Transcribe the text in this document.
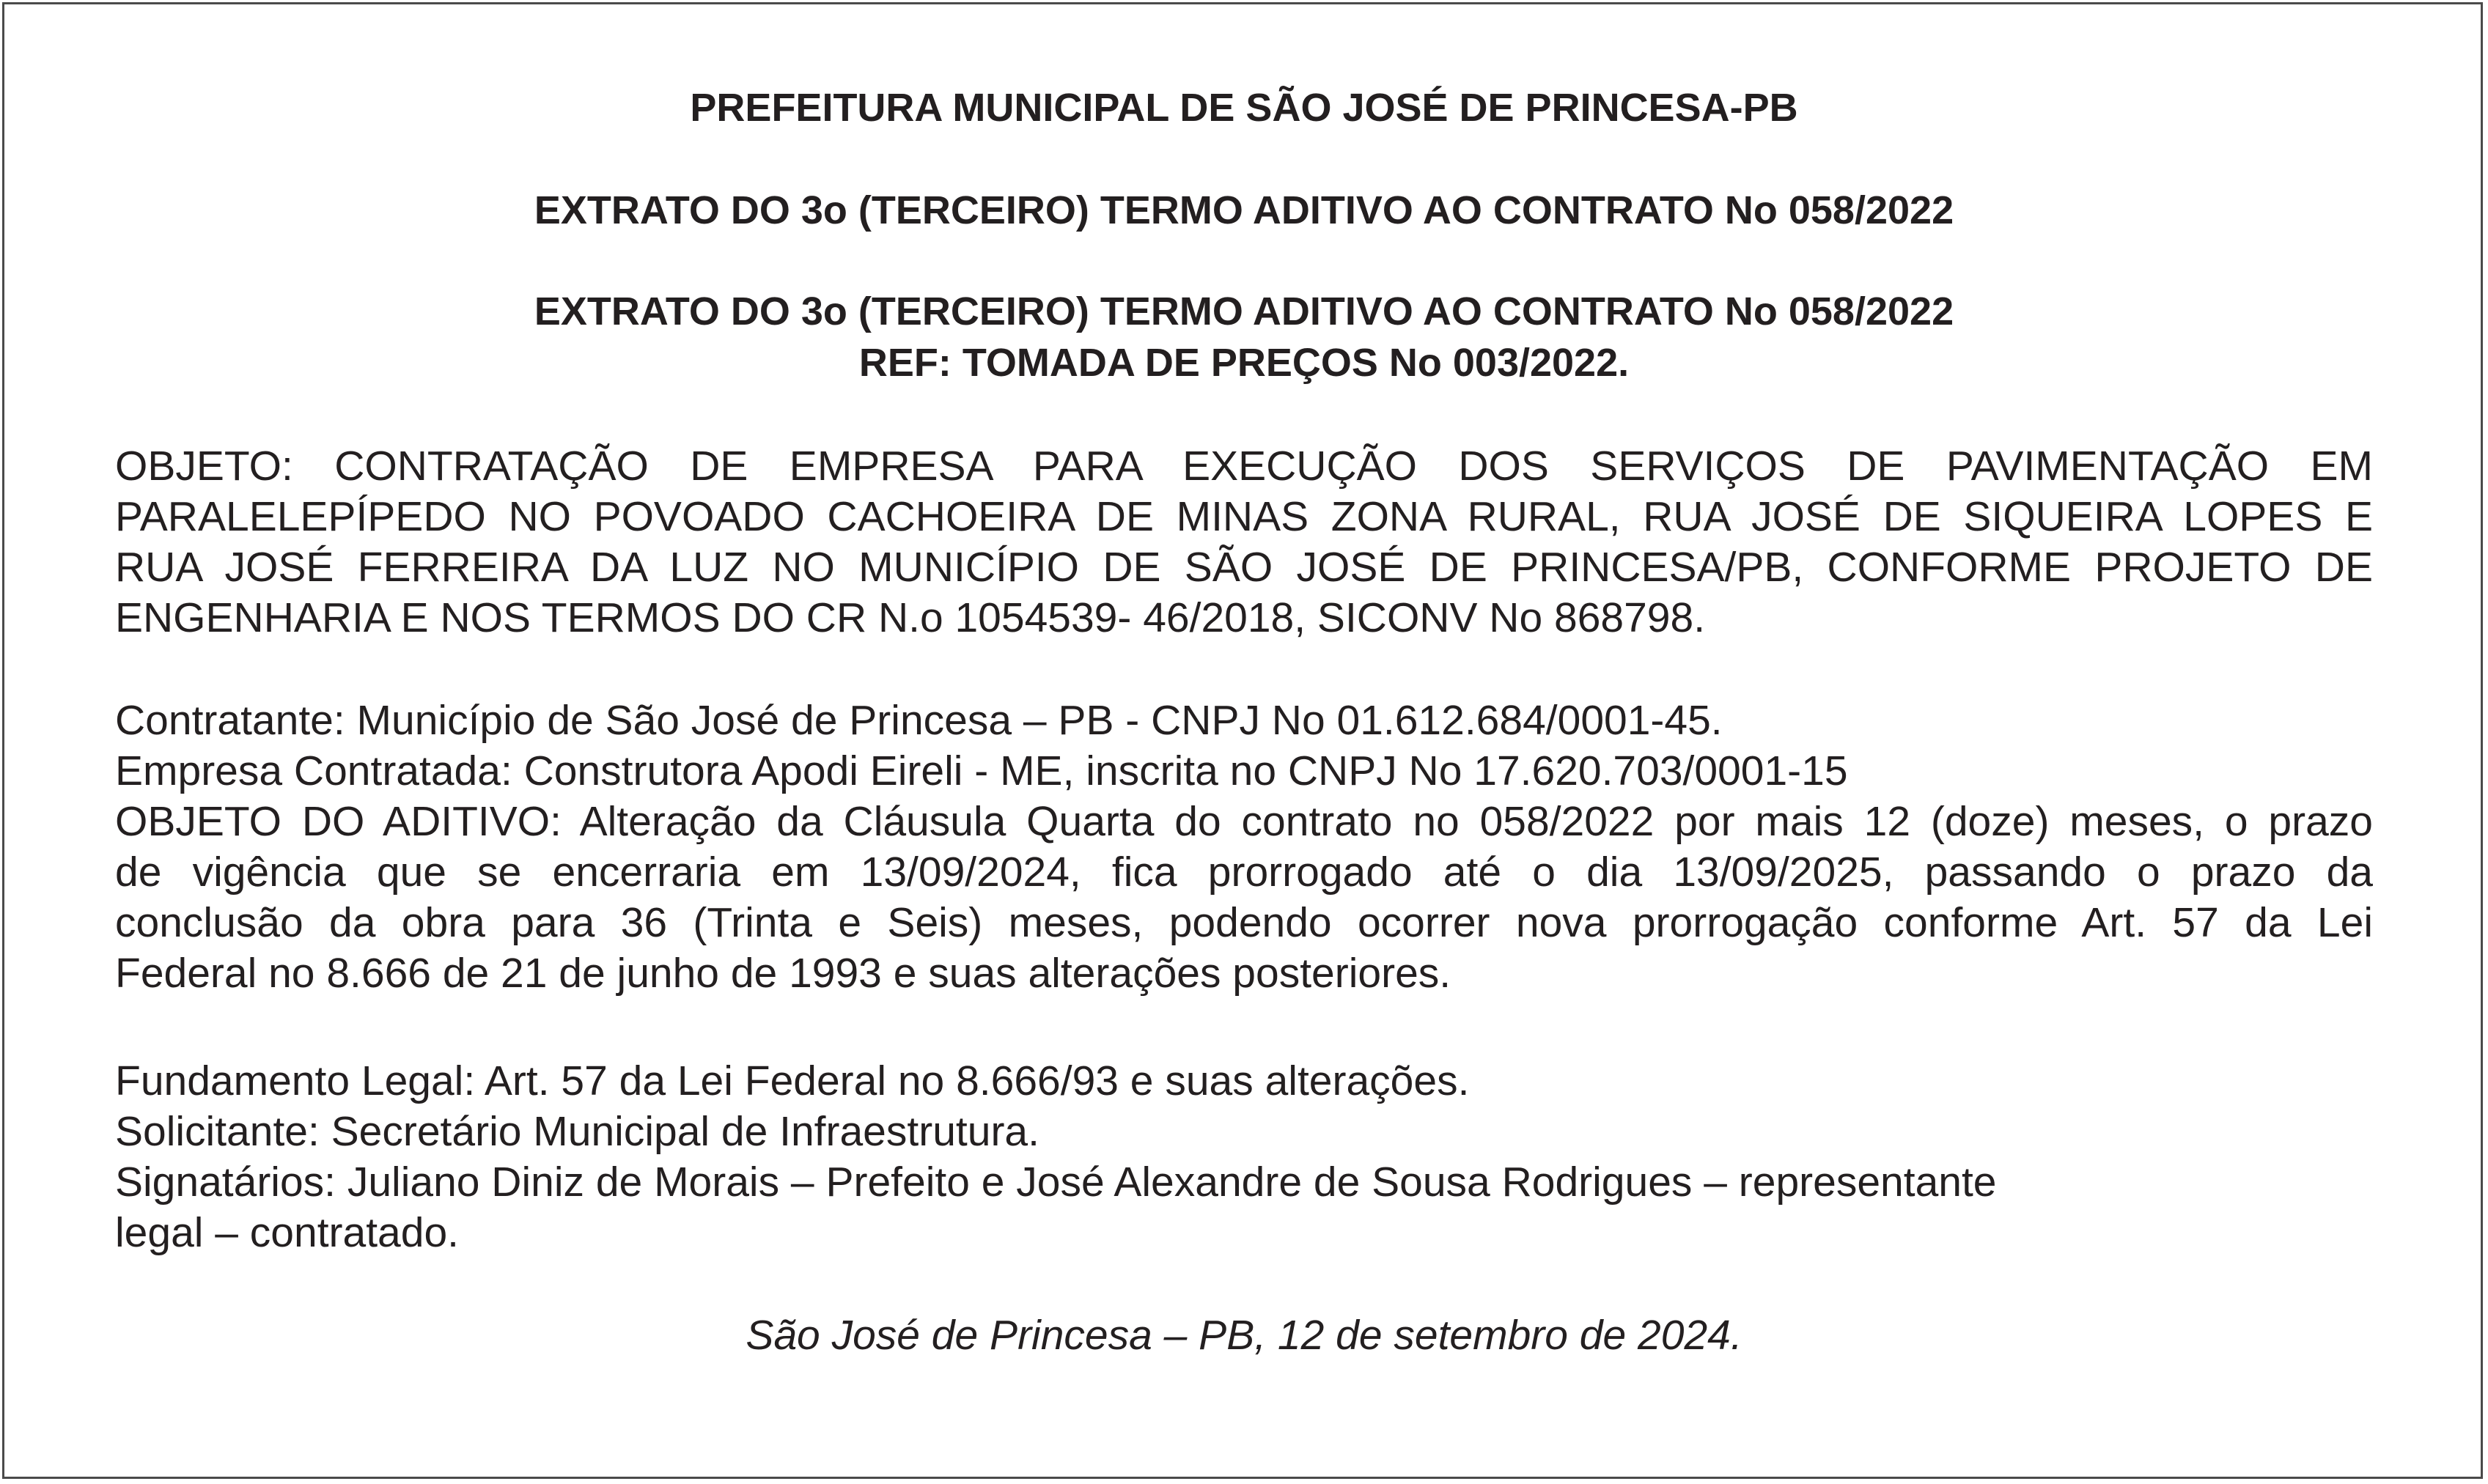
PREFEITURA MUNICIPAL DE SÃO JOSÉ DE PRINCESA-PB

EXTRATO DO 3o (TERCEIRO) TERMO ADITIVO AO CONTRATO No 058/2022

EXTRATO DO 3o (TERCEIRO) TERMO ADITIVO AO CONTRATO No 058/2022

REF: TOMADA DE PREÇOS No 003/2022.

OBJETO: CONTRATAÇÃO DE EMPRESA PARA EXECUÇÃO DOS SERVIÇOS DE PAVIMENTAÇÃO EM
PARALELEPÍPEDO NO POVOADO CACHOEIRA DE MINAS ZONA RURAL, RUA JOSÉ DE SIQUEIRA LOPES E
RUA JOSÉ FERREIRA DA LUZ NO MUNICÍPIO DE SÃO JOSÉ DE PRINCESA/PB, CONFORME PROJETO DE
ENGENHARIA E NOS TERMOS DO CR N.o 1054539- 46/2018, SICONV No 868798.
Contratante: Município de São José de Princesa – PB - CNPJ No 01.612.684/0001-45.
Empresa Contratada: Construtora Apodi Eireli - ME, inscrita no CNPJ No 17.620.703/0001-15
OBJETO DO ADITIVO: Alteração da Cláusula Quarta do contrato no 058/2022 por mais 12 (doze) meses, o prazo
de vigência que se encerraria em 13/09/2024, fica prorrogado até o dia 13/09/2025, passando o prazo da
conclusão da obra para 36 (Trinta e Seis) meses, podendo ocorrer nova prorrogação conforme Art. 57 da Lei
Federal no 8.666 de 21 de junho de 1993 e suas alterações posteriores.
Fundamento Legal: Art. 57 da Lei Federal no 8.666/93 e suas alterações.
Solicitante: Secretário Municipal de Infraestrutura.
Signatários: Juliano Diniz de Morais – Prefeito e José Alexandre de Sousa Rodrigues – representante
legal – contratado.

São José de Princesa – PB, 12 de setembro de 2024.
